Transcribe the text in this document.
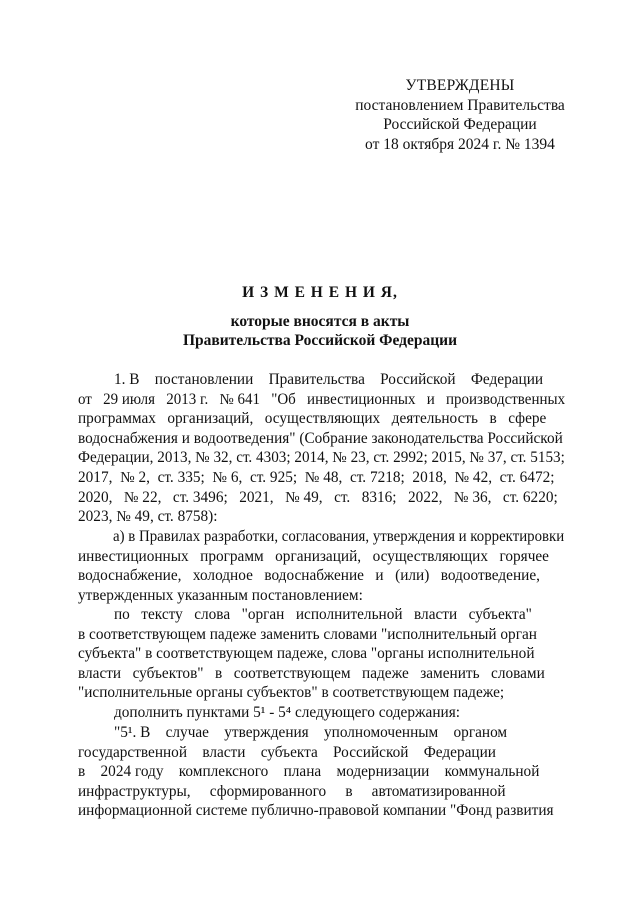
УТВЕРЖДЕНЫ
постановлением Правительства
Российской Федерации
от 18 октября 2024 г. № 1394
И З М Е Н Е Н И Я,
которые вносятся в акты
Правительства Российской Федерации
1. В    постановлении    Правительства    Российской    Федерации
от   29 июля   2013 г.   № 641   "Об   инвестиционных   и   производственных
программах   организаций,   осуществляющих   деятельность   в   сфере
водоснабжения и водоотведения" (Собрание законодательства Российской
Федерации, 2013, № 32, ст. 4303; 2014, № 23, ст. 2992; 2015, № 37, ст. 5153;
2017,  № 2,  ст. 335;  № 6,  ст. 925;  № 48,  ст. 7218;  2018,  № 42,  ст. 6472;
2020,   № 22,   ст. 3496;   2021,   № 49,   ст.   8316;   2022,   № 36,   ст. 6220;
2023, № 49, ст. 8758):
а) в Правилах разработки, согласования, утверждения и корректировки
инвестиционных   программ   организаций,   осуществляющих   горячее
водоснабжение,   холодное   водоснабжение   и   (или)   водоотведение,
утвержденных указанным постановлением:
по   тексту   слова   "орган   исполнительной   власти   субъекта"
в соответствующем падеже заменить словами "исполнительный орган
субъекта" в соответствующем падеже, слова "органы исполнительной
власти   субъектов"   в   соответствующем   падеже   заменить   словами
"исполнительные органы субъектов" в соответствующем падеже;
дополнить пунктами 5¹ - 5⁴ следующего содержания:
"5¹. В    случае    утверждения    уполномоченным    органом
государственной    власти    субъекта    Российской    Федерации
в    2024 году    комплексного    плана    модернизации    коммунальной
инфраструктуры,     сформированного     в     автоматизированной
информационной системе публично-правовой компании "Фонд развития
